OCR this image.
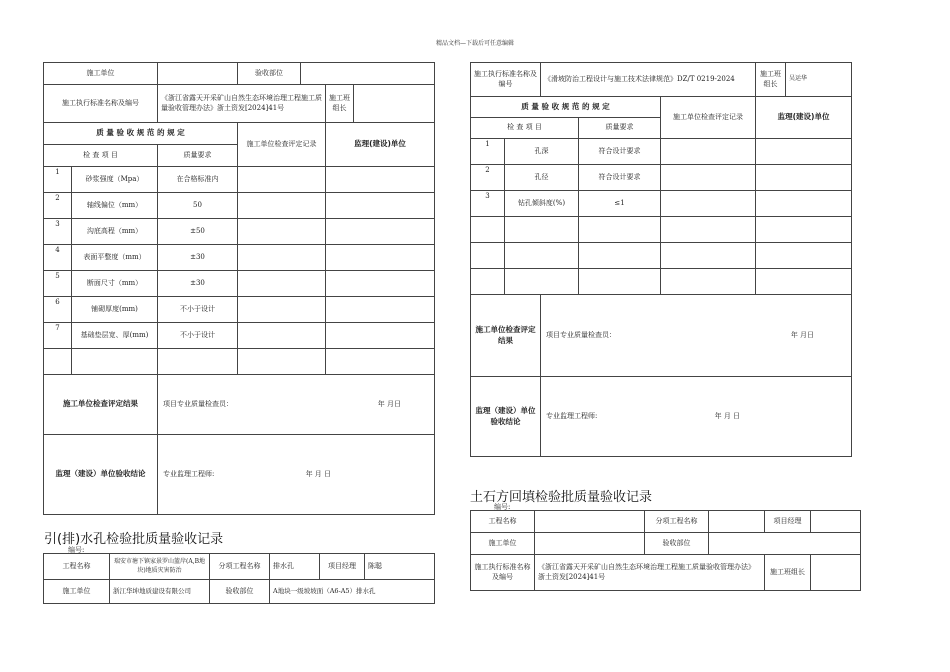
精品文档—下载后可任意编辑
施工单位			验收部位			
施工执行标准名称及编号		《浙江省露天开采矿山自然生态环境治理工程施工质量验收管理办法》浙土资发[2024]41号			施工班组长	
质 量 验 收 规 范 的 规 定			施工单位检查评定记录		监理(建设)单位	
检 查 项 目		质量要求				
1	砂浆强度（Mpa）	在合格标准内				
2	轴线偏位（mm）	50				
3	沟底高程（mm）	±50				
4	表面平整度（mm）	±30				
5	断面尺寸（mm）	±30				
6	铺砌厚度(mm)	不小于设计				
7	基础垫层宽、厚(mm)	不小于设计				

施工单位检查评定结果		项目专业质量检查员： 年 月日				

监理（建设）单位验收结论		专业监理工程师: 年 月 日				
引(排)水孔检验批质量验收记录
编号:
工程名称	瑞安市塘下镇家景罗山篮岸(A,B地块)地质灾害防治	分项工程名称	排水孔	项目经理	陈聪
施工单位	浙江华坤地质建设有限公司	验收部位	A地块一级坡坡面（A6-A5）排水孔		
施工执行标准名称及编号		《滑坡防治工程设计与施工技术法律规范》DZ/T 0219-2024			施工班组长	吴运华
质 量 验 收 规 范 的 规 定				施工单位检查评定记录	监理(建设)单位	
检 查 项 目			质量要求			
1	孔深		符合设计要求			
2	孔径		符合设计要求			
3	钻孔倾斜度(%)		≤1			

施工单位检查评定结果		项目专业质量检查员： 年 月日				

监理（建设）单位验收结论		专业监理工程师: 年 月 日				
土石方回填检验批质量验收记录
编号:
工程名称		分项工程名称		项目经理	
施工单位		验收部位			
施工执行标准名称及编号	《浙江省露天开采矿山自然生态环境治理工程施工质量验收管理办法》浙土资发[2024]41号			施工班组长	
